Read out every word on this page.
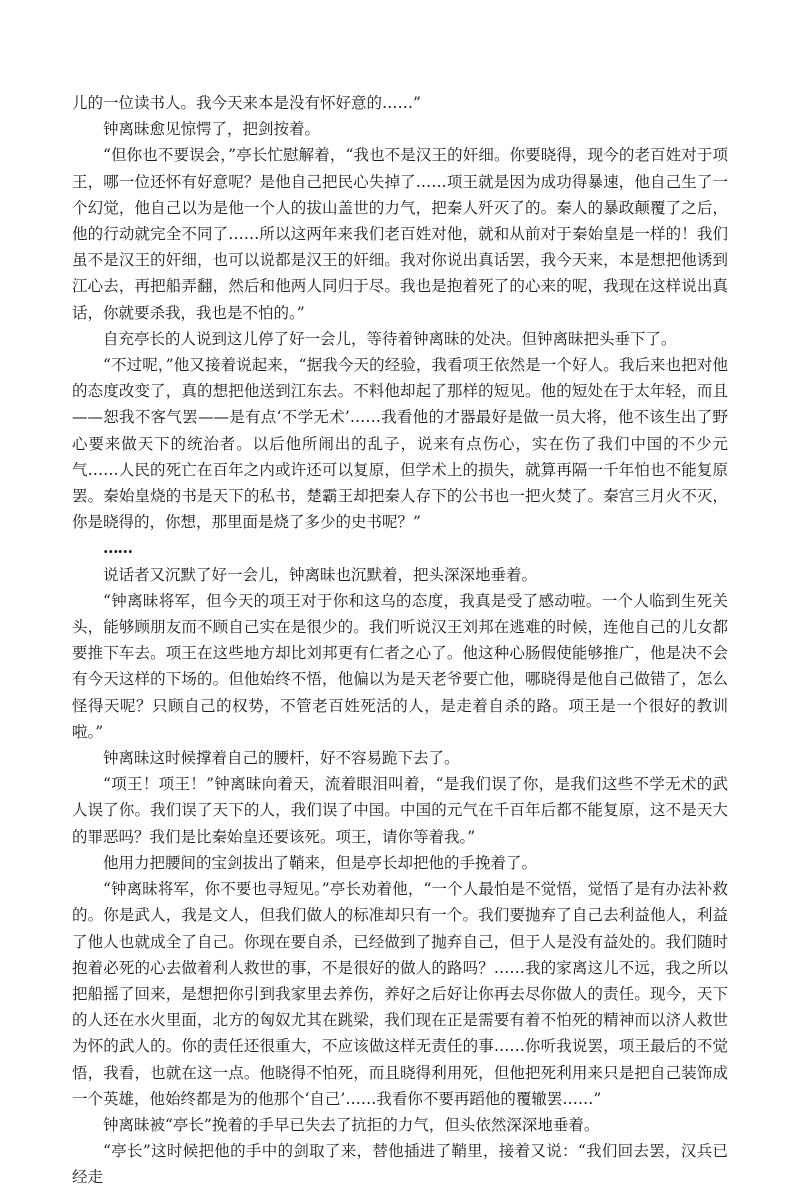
儿的一位读书人。我今天来本是没有怀好意的……”

钟离昧愈见惊愕了，把剑按着。

“但你也不要误会，”亭长忙慰解着，“我也不是汉王的奸细。你要晓得，现今的老百姓对于项王，哪一位还怀有好意呢？是他自己把民心失掉了……项王就是因为成功得暴速，他自己生了一个幻觉，他自己以为是他一个人的拔山盖世的力气，把秦人歼灭了的。秦人的暴政颠覆了之后，他的行动就完全不同了……所以这两年来我们老百姓对他，就和从前对于秦始皇是一样的！我们虽不是汉王的奸细，也可以说都是汉王的奸细。我对你说出真话罢，我今天来，本是想把他诱到江心去，再把船弄翻，然后和他两人同归于尽。我也是抱着死了的心来的呢，我现在这样说出真话，你就要杀我，我也是不怕的。”

自充亭长的人说到这儿停了好一会儿，等待着钟离昧的处决。但钟离昧把头垂下了。

“不过呢，”他又接着说起来，“据我今天的经验，我看项王依然是一个好人。我后来也把对他的态度改变了，真的想把他送到江东去。不料他却起了那样的短见。他的短处在于太年轻，而且——恕我不客气罢——是有点‘不学无术’……我看他的才器最好是做一员大将，他不该生出了野心要来做天下的统治者。以后他所闹出的乱子，说来有点伤心，实在伤了我们中国的不少元气……人民的死亡在百年之内或许还可以复原，但学术上的损失，就算再隔一千年怕也不能复原罢。秦始皇烧的书是天下的私书，楚霸王却把秦人存下的公书也一把火焚了。秦宫三月火不灭，你是晓得的，你想，那里面是烧了多少的史书呢？”

……

说话者又沉默了好一会儿，钟离昧也沉默着，把头深深地垂着。

“钟离昧将军，但今天的项王对于你和这乌的态度，我真是受了感动啦。一个人临到生死关头，能够顾朋友而不顾自己实在是很少的。我们听说汉王刘邦在逃难的时候，连他自己的儿女都要推下车去。项王在这些地方却比刘邦更有仁者之心了。他这种心肠假使能够推广，他是决不会有今天这样的下场的。但他始终不悟，他偏以为是天老爷要亡他，哪晓得是他自己做错了，怎么怪得天呢？只顾自己的权势，不管老百姓死活的人，是走着自杀的路。项王是一个很好的教训啦。”

钟离昧这时候撑着自己的腰杆，好不容易跪下去了。

“项王！项王！”钟离昧向着天，流着眼泪叫着，“是我们误了你，是我们这些不学无术的武人误了你。我们误了天下的人，我们误了中国。中国的元气在千百年后都不能复原，这不是天大的罪恶吗？我们是比秦始皇还要该死。项王，请你等着我。”

他用力把腰间的宝剑拔出了鞘来，但是亭长却把他的手挽着了。

“钟离昧将军，你不要也寻短见。”亭长劝着他，“一个人最怕是不觉悟，觉悟了是有办法补救的。你是武人，我是文人，但我们做人的标准却只有一个。我们要抛弃了自己去利益他人，利益了他人也就成全了自己。你现在要自杀，已经做到了抛弃自己，但于人是没有益处的。我们随时抱着必死的心去做着利人救世的事，不是很好的做人的路吗？……我的家离这儿不远，我之所以把船摇了回来，是想把你引到我家里去养伤，养好之后好让你再去尽你做人的责任。现今，天下的人还在水火里面，北方的匈奴尤其在跳梁，我们现在正是需要有着不怕死的精神而以济人救世为怀的武人的。你的责任还很重大，不应该做这样无责任的事……你听我说罢，项王最后的不觉悟，我看，也就在这一点。他晓得不怕死，而且晓得利用死，但他把死利用来只是把自己装饰成一个英雄，他始终都是为的他那个‘自己’……我看你不要再蹈他的覆辙罢……”

钟离昧被“亭长”挽着的手早已失去了抗拒的力气，但头依然深深地垂着。

“亭长”这时候把他的手中的剑取了来，替他插进了鞘里，接着又说：“我们回去罢，汉兵已经走
